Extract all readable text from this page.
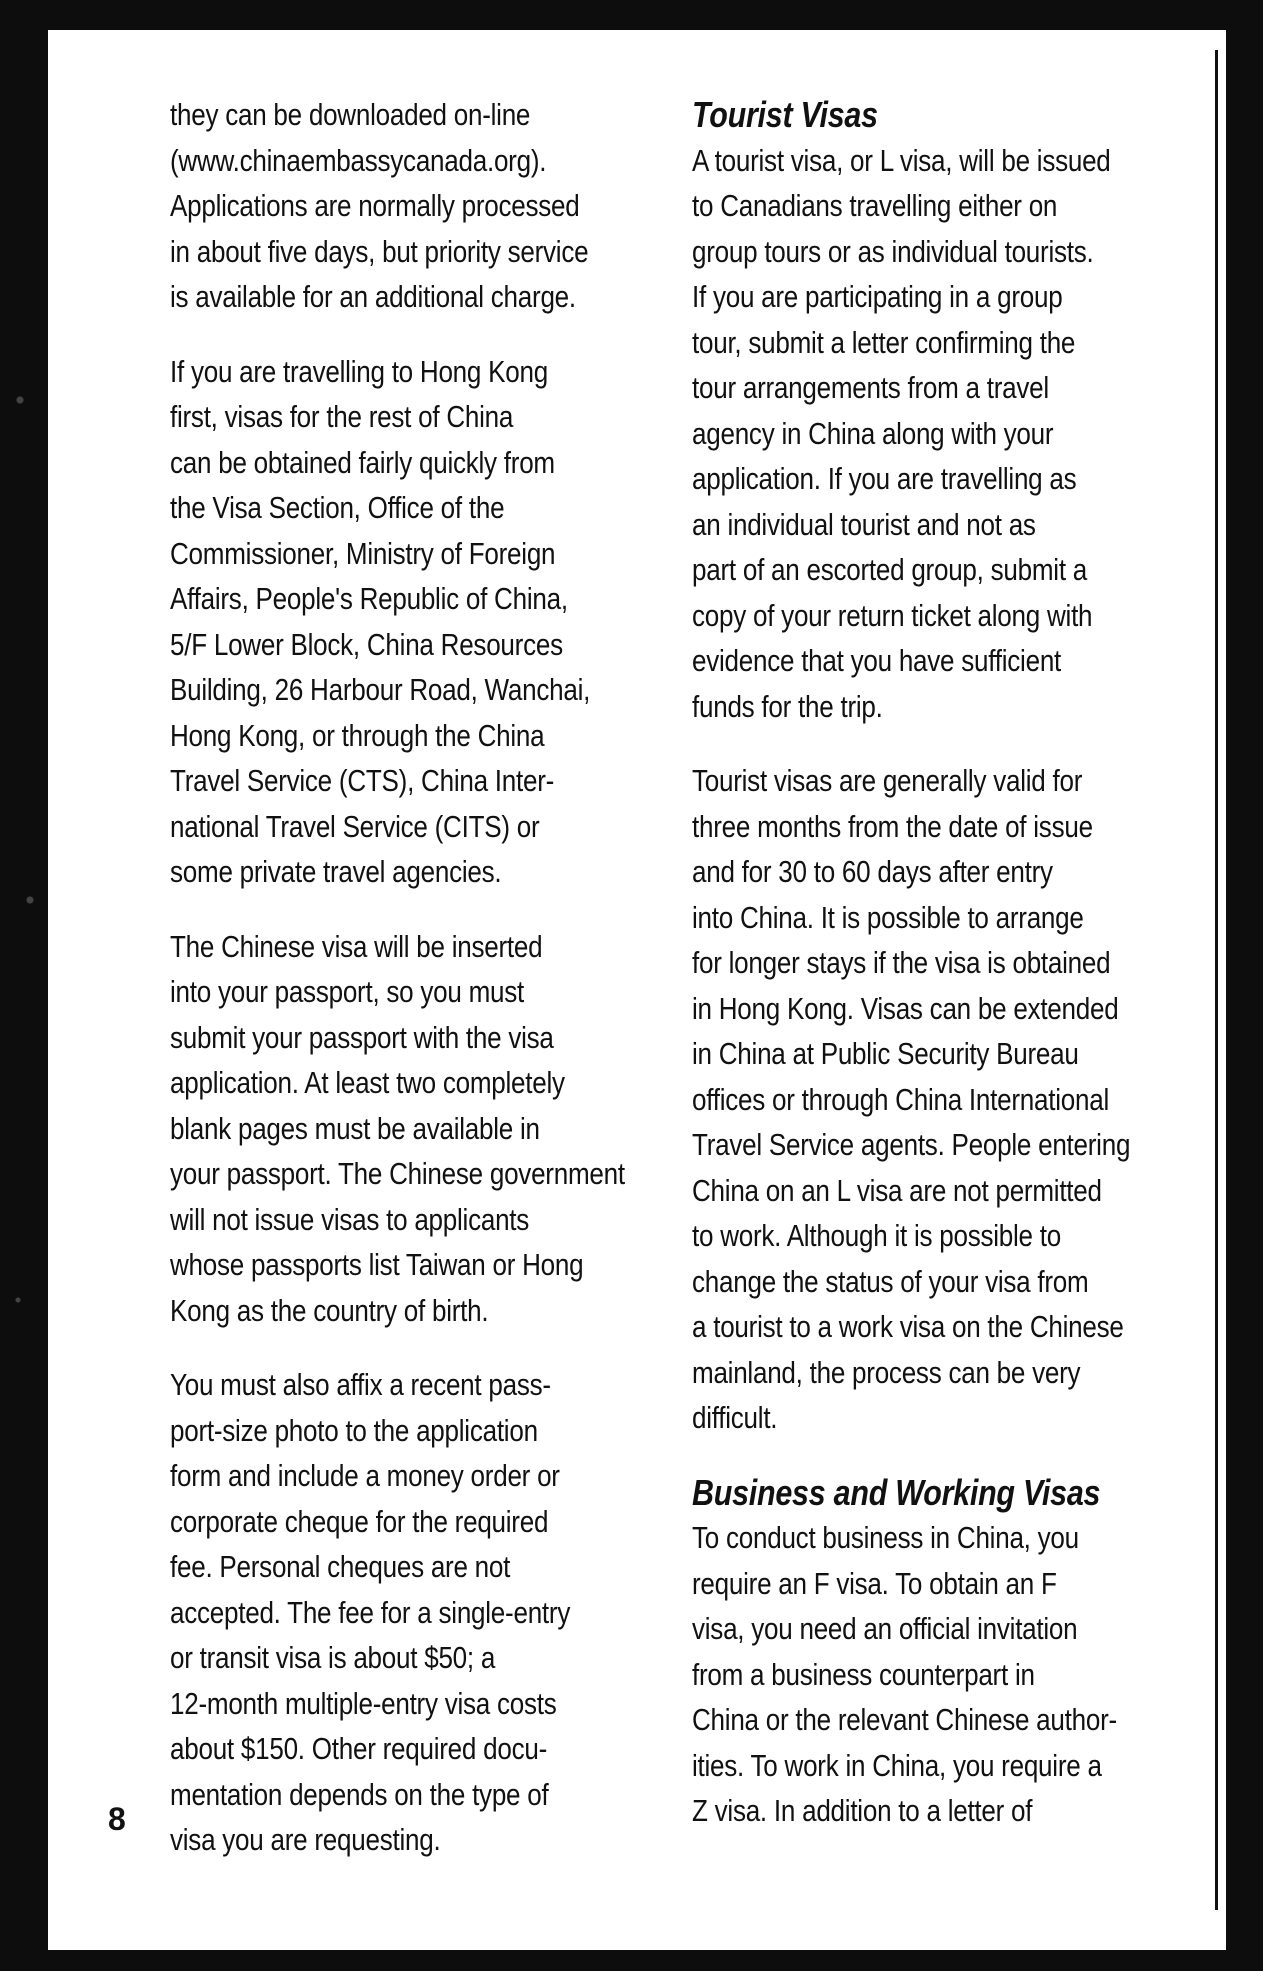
they can be downloaded on-line
(www.chinaembassycanada.org).
Applications are normally processed
in about five days, but priority service
is available for an additional charge.

If you are travelling to Hong Kong
first, visas for the rest of China
can be obtained fairly quickly from
the Visa Section, Office of the
Commissioner, Ministry of Foreign
Affairs, People's Republic of China,
5/F Lower Block, China Resources
Building, 26 Harbour Road, Wanchai,
Hong Kong, or through the China
Travel Service (CTS), China Inter-
national Travel Service (CITS) or
some private travel agencies.

The Chinese visa will be inserted
into your passport, so you must
submit your passport with the visa
application. At least two completely
blank pages must be available in
your passport. The Chinese government
will not issue visas to applicants
whose passports list Taiwan or Hong
Kong as the country of birth.

You must also affix a recent pass-
port-size photo to the application
form and include a money order or
corporate cheque for the required
fee. Personal cheques are not
accepted. The fee for a single-entry
or transit visa is about $50; a
12-month multiple-entry visa costs
about $150. Other required docu-
mentation depends on the type of
visa you are requesting.

Tourist Visas

A tourist visa, or L visa, will be issued
to Canadians travelling either on
group tours or as individual tourists.
If you are participating in a group
tour, submit a letter confirming the
tour arrangements from a travel
agency in China along with your
application. If you are travelling as
an individual tourist and not as
part of an escorted group, submit a
copy of your return ticket along with
evidence that you have sufficient
funds for the trip.

Tourist visas are generally valid for
three months from the date of issue
and for 30 to 60 days after entry
into China. It is possible to arrange
for longer stays if the visa is obtained
in Hong Kong. Visas can be extended
in China at Public Security Bureau
offices or through China International
Travel Service agents. People entering
China on an L visa are not permitted
to work. Although it is possible to
change the status of your visa from
a tourist to a work visa on the Chinese
mainland, the process can be very
difficult.

Business and Working Visas

To conduct business in China, you
require an F visa. To obtain an F
visa, you need an official invitation
from a business counterpart in
China or the relevant Chinese author-
ities. To work in China, you require a
Z visa. In addition to a letter of

8
